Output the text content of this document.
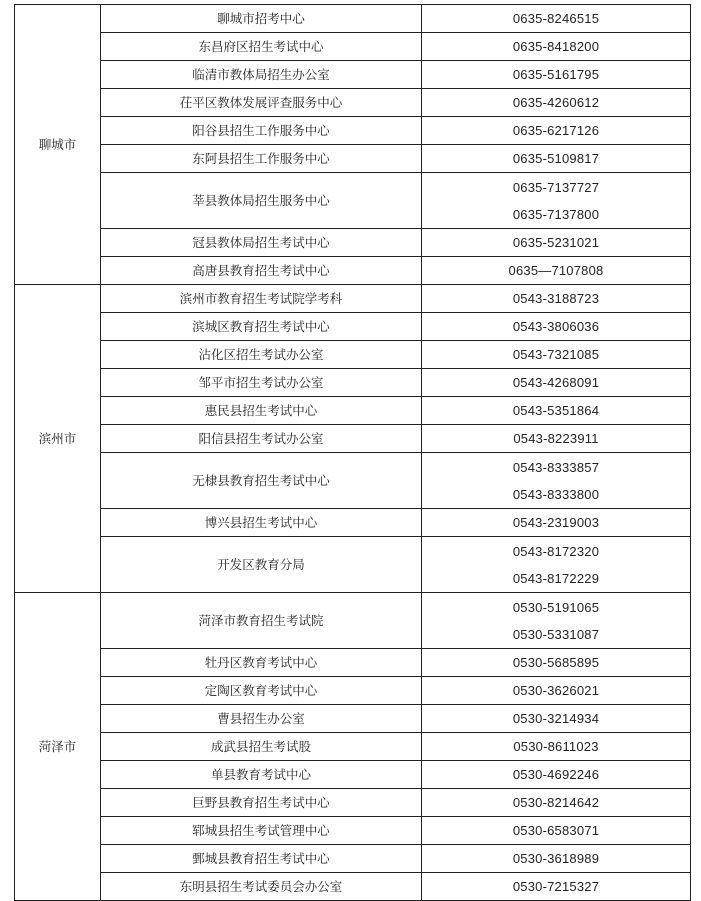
聊城市	聊城市招考中心	0635-8246515

	东昌府区招生考试中心	0635-8418200

	临清市教体局招生办公室	0635-5161795

	茌平区教体发展评查服务中心	0635-4260612

	阳谷县招生工作服务中心	0635-6217126

	东阿县招生工作服务中心	0635-5109817

	莘县教体局招生服务中心	0635-7137727
0635-7137800

	冠县教体局招生考试中心	0635-5231021

	高唐县教育招生考试中心	0635—7107808

滨州市	滨州市教育招生考试院学考科	0543-3188723

	滨城区教育招生考试中心	0543-3806036

	沾化区招生考试办公室	0543-7321085

	邹平市招生考试办公室	0543-4268091

	惠民县招生考试中心	0543-5351864

	阳信县招生考试办公室	0543-8223911

	无棣县教育招生考试中心	0543-8333857
0543-8333800

	博兴县招生考试中心	0543-2319003

	开发区教育分局	0543-8172320
0543-8172229

菏泽市	菏泽市教育招生考试院	0530-5191065
0530-5331087

	牡丹区教育考试中心	0530-5685895

	定陶区教育考试中心	0530-3626021

	曹县招生办公室	0530-3214934

	成武县招生考试股	0530-8611023

	单县教育考试中心	0530-4692246

	巨野县教育招生考试中心	0530-8214642

	郓城县招生考试管理中心	0530-6583071

	鄄城县教育招生考试中心	0530-3618989

	东明县招生考试委员会办公室	0530-7215327
